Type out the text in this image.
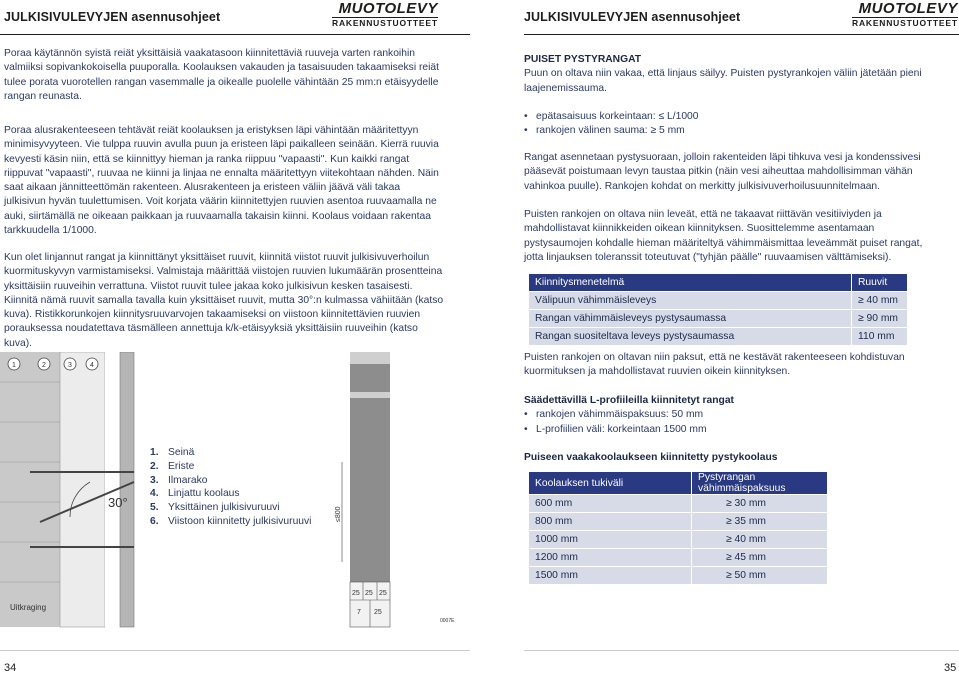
JULKISIVULEVYJEN asennusohjeet	MUOTOLEVY
RAKENNUSTUOTTEET
Poraa käytännön syistä reiät yksittäisiä vaakatasoon kiinnitettäviä ruuveja varten rankoihin valmiiksi sopivankokoisella puuporalla. Koolauksen vakauden ja tasaisuuden takaamiseksi reiät tulee porata vuorotellen rangan vasemmalle ja oikealle puolelle vähintään 25 mm:n etäisyydelle rangan reunasta.
Poraa alusrakenteeseen tehtävät reiät koolauksen ja eristyksen läpi vähintään määritettyyn minimisyvyyteen. Vie tulppa ruuvin avulla puun ja eristeen läpi paikalleen seinään. Kierrä ruuvia kevyesti käsin niin, että se kiinnittyy hieman ja ranka riippuu "vapaasti". Kun kaikki rangat riippuvat "vapaasti", ruuvaa ne kiinni ja linjaa ne ennalta määritettyyn viitekohtaan nähden. Näin saat aikaan jännitteettömän rakenteen. Alusrakenteen ja eristeen väliin jäävä väli takaa julkisivun hyvän tuulettumisen. Voit korjata väärin kiinnitettyjen ruuvien asentoa ruuvaamalla ne auki, siirtämällä ne oikeaan paikkaan ja ruuvaamalla takaisin kiinni. Koolaus voidaan rakentaa tarkkuudella 1/1000.
Kun olet linjannut rangat ja kiinnittänyt yksittäiset ruuvit, kiinnitä viistot ruuvit julkisivuverhoilun kuormituskyvyn varmistamiseksi. Valmistaja määrittää viistojen ruuvien lukumäärän prosentteina yksittäisiin ruuveihin verrattuna. Viistot ruuvit tulee jakaa koko julkisivun kesken tasaisesti. Kiinnitä nämä ruuvit samalla tavalla kuin yksittäiset ruuvit, mutta 30°:n kulmassa vähiitään (katso kuva). Ristikkorunkojen kiinnitysruuvarvojen takaamiseksi on viistoon kiinnitettävien ruuvien porauksessa noudatettava täsmälleen annettuja k/k-etäisyyksiä yksittäisiin ruuveihin (katso kuva).
1	2	3	4
30°
Uitkraging
25 25 25
7 25
≤800
0007E
1. Seinä
2. Eriste
3. Ilmarako
4. Linjattu koolaus
5. Yksittäinen julkisivuruuvi
6. Viistoon kiinnitetty julkisivuruuvi
34
JULKISIVULEVYJEN asennusohjeet	MUOTOLEVY
RAKENNUSTUOTTEET

PUISET PYSTYRANGAT

Puun on oltava niin vakaa, että linjaus säilyy. Puisten pystyrankojen väliin jätetään pieni laajenemissauma.

• epätasaisuus korkeintaan: ≤ L/1000
• rankojen välinen sauma: ≥ 5 mm
Rangat asennetaan pystysuoraan, jolloin rakenteiden läpi tihkuva vesi ja kondenssivesi pääsevät poistumaan levyn taustaa pitkin (näin vesi aiheuttaa mahdollisimman vähän vahinkoa puulle). Rankojen kohdat on merkitty julkisivuverhoilusuunnitelmaan.
Puisten rankojen on oltava niin leveät, että ne takaavat riittävän vesitiiviyden ja mahdollistavat kiinnikkeiden oikean kiinnityksen. Suosittelemme asentamaan pystysaumojen kohdalle hieman määriteltyä vähimmäismittaa leveämmät puiset rangat, jotta linjauksen toleranssit toteutuvat ("tyhjän päälle" ruuvaamisen välttämiseksi).
Kiinnitysmenetelmä	Ruuvit
Välipuun vähimmäisleveys	≥ 40 mm
Rangan vähimmäisleveys pystysaumassa	≥ 90 mm
Rangan suositeltava leveys pystysaumassa	110 mm
Puisten rankojen on oltavan niin paksut, että ne kestävät rakenteeseen kohdistuvan kuormituksen ja mahdollistavat ruuvien oikein kiinnityksen.

Säädettävillä L-profiileilla kiinnitetyt rangat

• rankojen vähimmäispaksuus: 50 mm
• L-profiilien väli: korkeintaan 1500 mm

Puiseen vaakakoolaukseen kiinnitetty pystykoolaus

Koolauksen tukiväli	Pystyrangan vähimmäispaksuus
600 mm	≥ 30 mm
800 mm	≥ 35 mm
1000 mm	≥ 40 mm
1200 mm	≥ 45 mm
1500 mm	≥ 50 mm
35
